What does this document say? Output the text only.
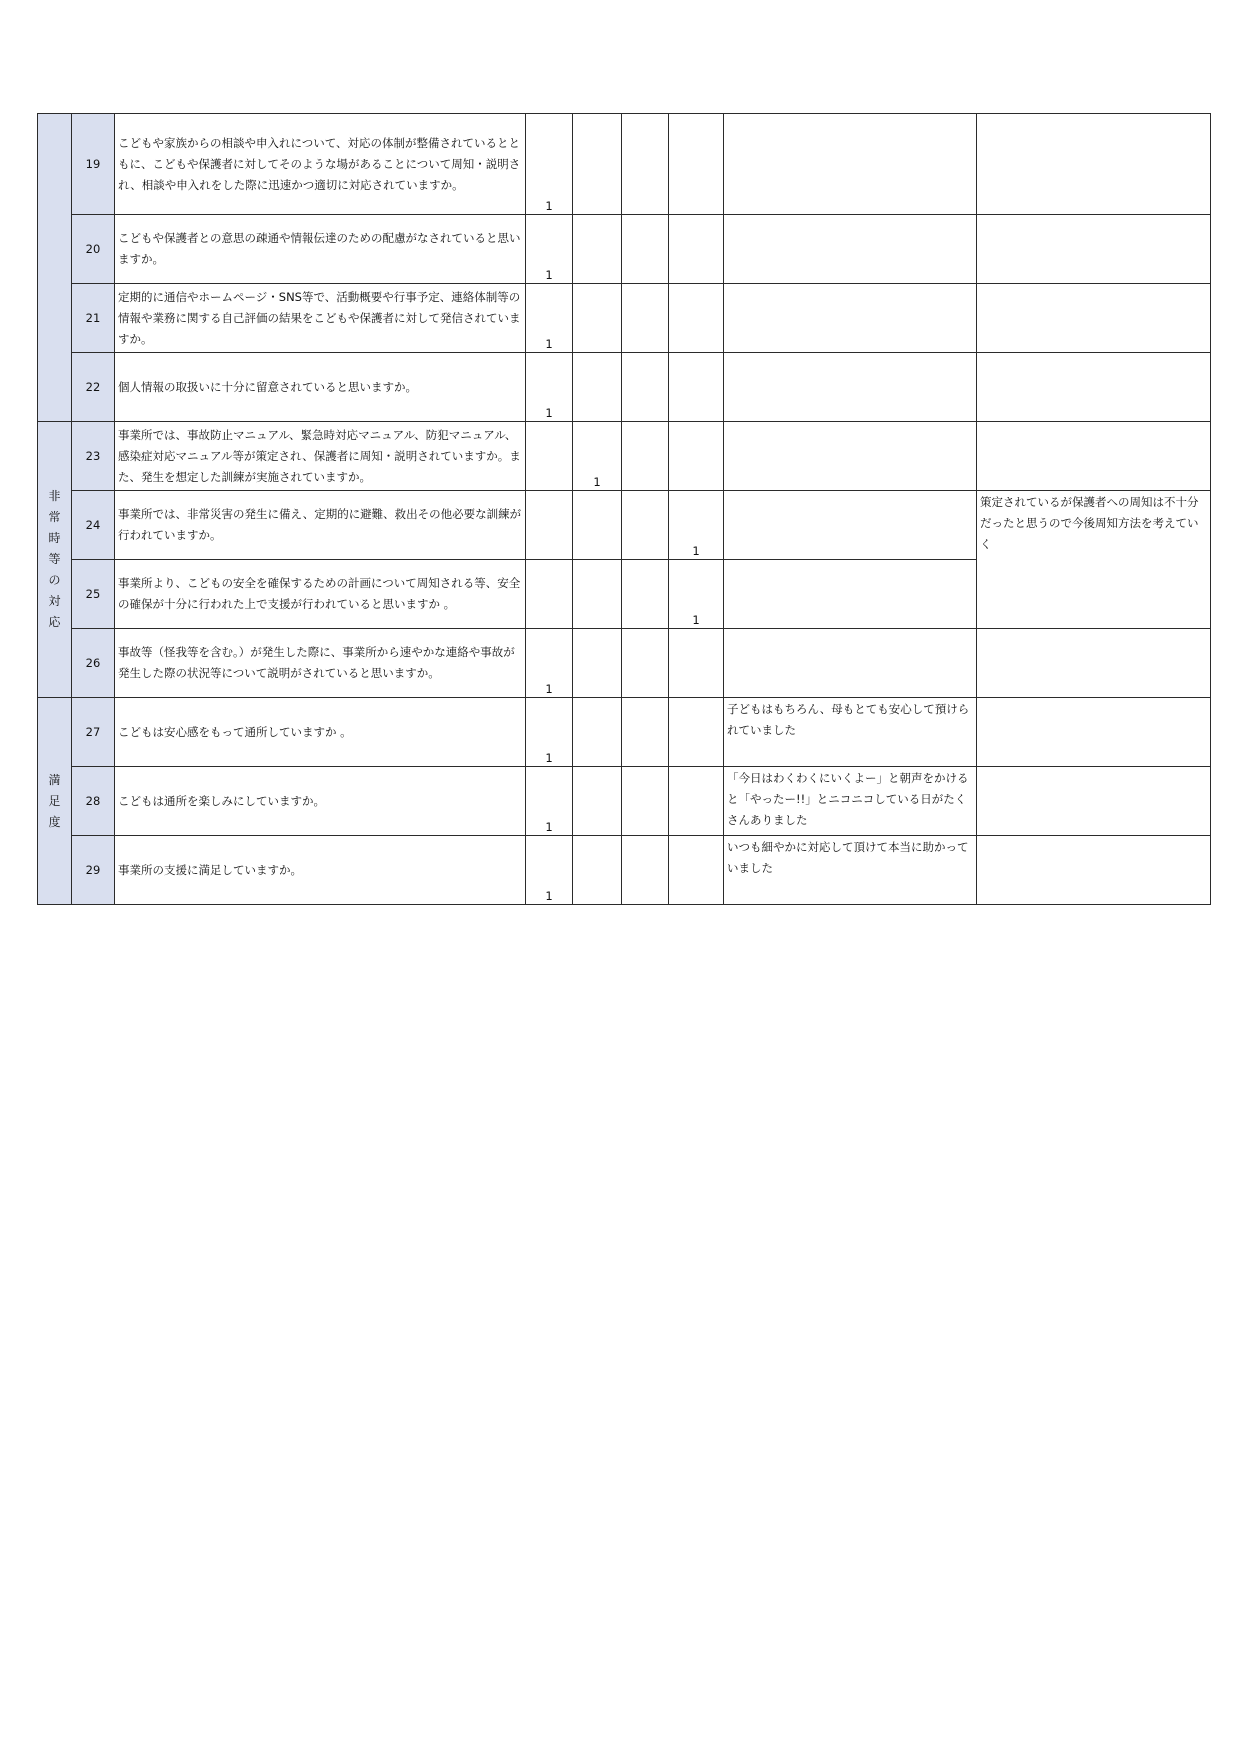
	19	こどもや家族からの相談や申入れについて、対応の体制が整備されているとともに、こどもや保護者に対してそのような場があることについて周知・説明され、相談や申入れをした際に迅速かつ適切に対応されていますか。	1					
	20	こどもや保護者との意思の疎通や情報伝達のための配慮がなされていると思いますか。	1					
	21	定期的に通信やホームページ・SNS等で、活動概要や行事予定、連絡体制等の情報や業務に関する自己評価の結果をこどもや保護者に対して発信されていますか。	1					
	22	個人情報の取扱いに十分に留意されていると思いますか。	1					
非常時等の対応	23	事業所では、事故防止マニュアル、緊急時対応マニュアル、防犯マニュアル、感染症対応マニュアル等が策定され、保護者に周知・説明されていますか。また、発生を想定した訓練が実施されていますか。		1				
	24	事業所では、非常災害の発生に備え、定期的に避難、救出その他必要な訓練が行われていますか。				1		策定されているが保護者への周知は不十分だったと思うので今後周知方法を考えていく
	25	事業所より、こどもの安全を確保するための計画について周知される等、安全の確保が十分に行われた上で支援が行われていると思いますか 。				1		
	26	事故等（怪我等を含む。）が発生した際に、事業所から速やかな連絡や事故が発生した際の状況等について説明がされていると思いますか。	1					
満足度	27	こどもは安心感をもって通所していますか 。	1				子どもはもちろん、母もとても安心して預けられていました	
	28	こどもは通所を楽しみにしていますか。	1				「今日はわくわくにいくよー」と朝声をかけると「やったー!!」とニコニコしている日がたくさんありました	
	29	事業所の支援に満足していますか。	1				いつも細やかに対応して頂けて本当に助かっていました	
